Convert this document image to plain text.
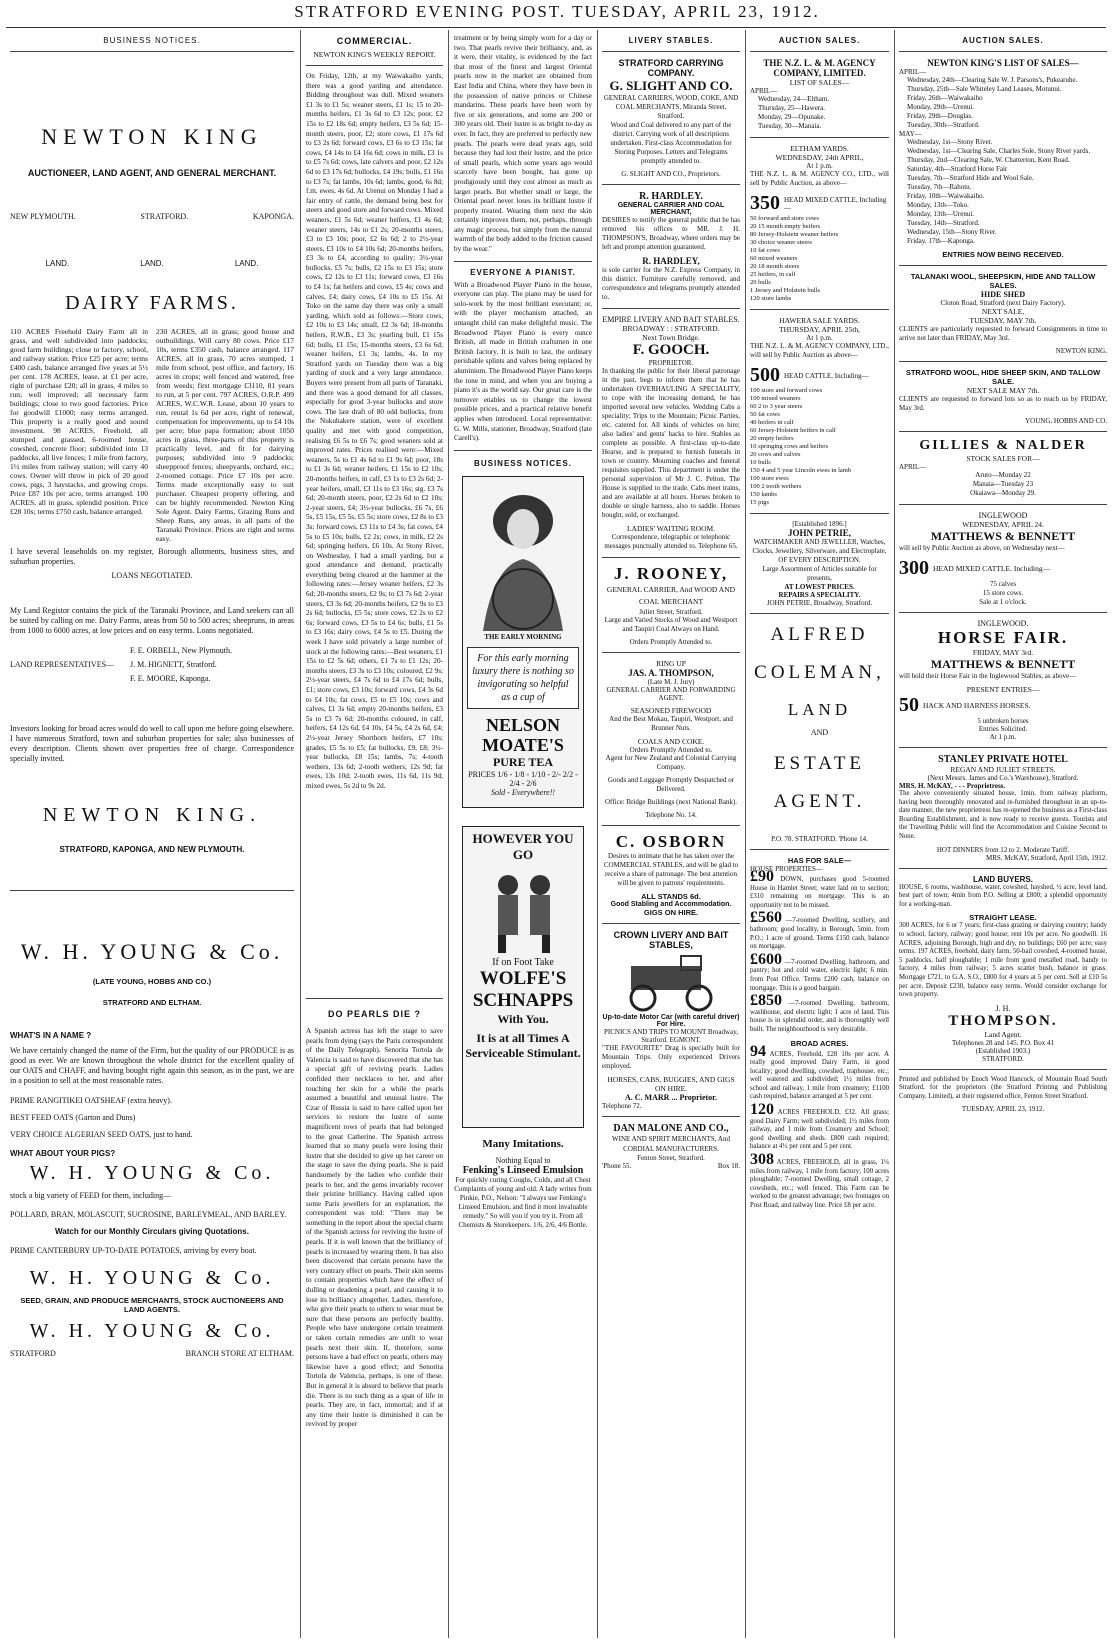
STRATFORD EVENING POST. TUESDAY, APRIL 23, 1912.
BUSINESS NOTICES.
NEWTON KING
AUCTIONEER, LAND AGENT, AND GENERAL MERCHANT.
NEW PLYMOUTH.	STRATFORD.	KAPONGA.
LAND.	LAND.	LAND.
DAIRY FARMS.
110 ACRES Freehold Dairy Farm all in grass, and well subdivided into paddocks; good farm buildings; close to factory, school, and railway station. Price £25 per acre; terms £400 cash, balance arranged five years at 5½ per cent. 178 ACRES, lease, at £1 per acre, right of purchase £20; all in grass, 4 miles to run; well improved; all necessary farm buildings; close to two good factories. Price for goodwill £1000; easy terms arranged. This property is a really good and sound investment. 98 ACRES, Freehold, all stumped and grassed, 6-roomed house, cowshed, concrete floor; subdivided into 13 paddocks, all live fences; 1 mile from factory, 1½ miles from railway station; will carry 40 cows. Owner will throw in pick of 20 good cows, pigs, 3 haystacks, and growing crops. Price £87 10s per acre, terms arranged. 100 ACRES, all in grass, splendid position. Price £28 10s; terms £750 cash, balance arranged.
230 ACRES, all in grass; good house and outbuildings. Will carry 80 cows. Price £17 10s, terms £350 cash, balance arranged. 117 ACRES, all in grass, 70 acres stumped, 1 mile from school, post office, and factory, 16 acres in crops; well fenced and watered, free from weeds; first mortgage £3110, 81 years to run, at 5 per cent. 797 ACRES, O.R.P. 499 ACRES, W.C.W.R. Lease, about 10 years to run, rental 1s 6d per acre, right of renewal, compensation for improvements, up to £4 10s per acre; blue papa formation; about 1050 acres in grass, three-parts of this property is practically level, and fit for dairying purposes; subdivided into 9 paddocks; sheepproof fences; sheepyards, orchard, etc.; 2-roomed cottage. Price £7 10s per acre. Terms made exceptionally easy to suit purchaser. Cheapest property offering, and can be highly recommended. Newton King Sole Agent. Dairy Farms, Grazing Runs and Sheep Runs, any areas, in all parts of the Taranaki Province. Prices are right and terms easy.
I have several leaseholds on my register, Borough allotments, business sites, and suburban properties.
LOANS NEGOTIATED.
My Land Registor contains the pick of the Taranaki Province, and Land seekers can all be suited by calling on me. Dairy Farms, areas from 50 to 500 acres; sheepruns, in areas from 1000 to 6000 acres, at low prices and on easy terms. Loans negotiated.
LAND REPRESENTATIVES—
F. E. ORBELL, New Plymouth.
J. M. HIGNETT, Stratford.
F. E. MOORE, Kaponga.
Investors looking for broad acres would do well to call upon me before going elsewhere. I have numerous Stratford, town and suburban properties for sale; also businesses of every description. Clients shown over properties free of charge. Correspondence specially invited.
NEWTON KING.
STRATFORD, KAPONGA, AND NEW PLYMOUTH.
W. H. YOUNG & Co.
(LATE YOUNG, HOBBS AND CO.)
STRATFORD AND ELTHAM.
WHAT'S IN A NAME ?
We have certainly changed the name of the Firm, but the quality of our PRODUCE is as good as ever. We are known throughout the whole district for the excellent quality of our OATS and CHAFF, and having bought right again this season, as in the past, we are in a position to sell at the most reasonable rates.
PRIME RANGITIKEI OATSHEAF (extra heavy).
BEST FEED OATS (Garton and Duns)
VERY CHOICE ALGERIAN SEED OATS, just to hand.
WHAT ABOUT YOUR PIGS?
W. H. YOUNG & Co.
stock a big variety of FEED for them, including—
POLLARD, BRAN, MOLASCUIT, SUCROSINE, BARLEYMEAL, AND BARLEY.
Watch for our Monthly Circulars giving Quotations.
PRIME CANTERBURY UP-TO-DATE POTATOES, arriving by every boat.
W. H. YOUNG & Co.
SEED, GRAIN, AND PRODUCE MERCHANTS, STOCK AUCTIONEERS AND LAND AGENTS.
W. H. YOUNG & Co.
STRATFORD	BRANCH STORE AT ELTHAM.
COMMERCIAL.
NEWTON KING'S WEEKLY REPORT.
On Friday, 12th, at my Waiwakaiho yards, there was a good yarding and attendance. Bidding throughout was dull. Mixed weaners £1 3s to £1 5s; weaner steers, £1 1s; 15 to 20-months heifers, £1 3s 6d to £3 12s; poor, £2 15s to £2 18s 6d; empty heifers, £3 5s 6d; 15-month steers, poor, £2; store cows, £1 17s 6d to £3 2s 6d; forward cows, £3 6s to £3 15s; fat cows, £4 14s to £4 16s 6d; cows in milk, £3 1s to £5 7s 6d; cows, late calvers and poor, £2 12s 6d to £3 17s 6d; bullocks, £4 19s; bulls, £1 16s to £3 7s; fat lambs, 10s 6d; lambs, good, 6s 8d; f.m. ewes, 4s 6d. At Urenui on Monday I had a fair entry of cattle, the demand being best for steers and good store and forward cows. Mixed weaners, £1 5s 6d; weaner heifers, £1 4s 6d; weaner steers, 14s to £1 2s; 20-months steers, £3 to £3 10s; poor, £2 6s 6d; 2 to 2½-year steers, £3 10s to £4 10s 6d; 20-months heifers, £3 3s to £4, according to quality; 3½-year bullocks, £5 7s; bulls, £2 15s to £3 15s; store cows, £2 12s to £3 11s; forward cows, £3 16s to £4 1s; fat heifers and cows, £5 4s; cows and calves, £4; dairy cows, £4 10s to £5 15s. At Toko on the same day there was only a small yarding, which sold as follows:—Store cows, £2 10s to £3 14s; small, £2 3s 6d; 18-months heifers, R.W.B., £3 3s; yearling bull, £1 15s 6d; bulls, £1 15s; 15-months steers, £3 6s 6d; weaner heifers, £1 3s; lambs, 4s. In my Stratford yards on Tuesday there was a big yarding of stock and a very large attendance. Buyers were present from all parts of Taranaki, and there was a good demand for all classes, especially for good 3-year bullocks and store cows. The last draft of 80 odd bullocks, from the Nukuhakere station, were of excellent quality and met with good competition, realising £6 5s to £6 7s; good weaners sold at improved rates. Prices realised were:—Mixed weaners, 5s to £1 4s 6d to £1 9s 6d; poor, 18s to £1 3s 6d; weaner heifers, £1 15s to £2 10s; 20-months heifers, in calf, £3 1s to £3 2s 6d; 2-year heifers, small, £3 11s to £3 16s; stg. £3 7s 6d; 20-month steers, poor, £2 2s 6d to £2 10s; 2-year steers, £4; 3½-year bullocks, £6 7s, £6 5s, £5 15s, £5 5s, £5 5s; store cows, £2 8s to £3 3s; forward cows, £3 11s to £4 3s; fat cows, £4 5s to £5 10s; bulls, £2 2s; cows, in milk, £2 2s 6d; springing heifers, £6 10s. At Stony River, on Wednesday, I had a small yarding, but a good attendance and demand, practically everything being cleared at the hammer at the following rates:—Jersey weaner heifers, £2 3s 6d; 20-months steers, £2 9s; to £3 7s 6d; 2-year steers, £3 3s 6d; 20-months heifers, £2 9s to £3 2s 6d; bullocks, £5 5s; store cows, £2 2s to £2 6s; forward cows, £3 5s to £4 6s; bulls, £1 5s to £3 16s; dairy cows, £4 5s to £5. During the week I have sold privately a large number of stock at the following rates:—Best weaners, £1 15s to £2 5s 6d; others, £1 7s to £1 12s; 20-months steers, £3 3s to £3 10s; coloured, £2 9s; 2½-year steers, £4 7s 6d to £4 17s 6d; bulls, £1; store cows, £3 10s; forward cows, £4 3s 6d to £4 10s; fat cows, £5 to £5 10s; cows and calves, £1 3s 6d; empty 20-months heifers, £3 5s to £3 7s 6d; 20-months coloured, in calf, heifers, £4 12s 6d, £4 10s, £4 5s, £4 2s 6d, £4; 2½-year Jersey Shorthorn heifers, £7 10s; grades, £5 5s to £5; fat bullocks, £9, £8; 3½-year bullocks, £8 15s; lambs, 7s; 4-tooth wethers, 13s 6d; 2-tooth wethers, 12s 9d; fat ewes, 13s 10d; 2-tooth ewes, 11s 6d, 11s 9d; mixed ewes, 5s 2d to 9s 2d.
DO PEARLS DIE ?
A Spanish actress has left the stage to save pearls from dying (says the Paris correspondent of the Daily Telegraph). Senorita Tortola de Valencia is said to have discovered that she has a special gift of reviving pearls. Ladies confided their necklaces to her, and after touching her skin for a while the pearls assumed a beautiful and unusual lustre. The Czar of Russia is said to have called upon her services to restore the lustre of some magnificent rows of pearls that had belonged to the great Catherine. The Spanish actress learned that so many pearls were losing their lustre that she decided to give up her career on the stage to save the dying pearls. She is paid handsomely by the ladies who confide their pearls to her, and the gems invariably recover their pristine brilliancy. Having called upon some Paris jewellers for an explanation, the correspondent was told: "There may be something in the report about the special charm of the Spanish actress for reviving the lustre of pearls. If it is well known that the brilliancy of pearls is increased by wearing them. It has also been discovered that certain persons have the very contrary effect on pearls. Their skin seems to contain properties which have the effect of dulling or deadening a pearl, and causing it to lose its brilliancy altogether. Ladies, therefore, who give their pearls to others to wear must be sure that these persons are perfectly healthy. People who have undergone certain treatment or taken certain remedies are unfit to wear pearls next their skin. If, therefore, some persons have a bad effect on pearls, others may likewise have a good effect; and Senorita Tortola de Valencia, perhaps, is one of these. But in general it is absurd to believe that pearls die. There is no such thing as a span of life in pearls. They are, in fact, immortal; and if at any time their lustre is diminished it can be revived by proper
treatment or by being simply worn for a day or two. That pearls revive their brilliancy, and, as it were, their vitality, is evidenced by the fact that most of the finest and largest Oriental pearls now in the market are obtained from East India and China, where they have been in the possession of native princes or Chinese mandarins. These pearls have been worn by five or six generations, and some are 200 or 300 years old. Their lustre is as bright to-day as ever. In fact, they are preferred to perfectly new pearls. The pearls were dead years ago, sold because they had lost their lustre, and the price of small pearls, which some years ago would scarcely have been bought, has gone up prodigiously until they cost almost as much as larger pearls. But whether small or large, the Oriental pearl never loses its brilliant lustre if properly treated. Wearing them next the skin certainly improves them, not, perhaps, through any magic process, but simply from the natural warmth of the body added to the friction caused by the wear."
EVERYONE A PIANIST.
With a Broadwood Player Piano in the house, everyone can play. The piano may be used for solo-work by the most brilliant executant; or, with the player mechanism attached, an untaught child can make delightful music. The Broadwood Player Piano is every ounce British, all made in British craftsmen in one British factory. It is built to last, the ordinary perishable splints and valves being replaced by aluminium. The Broadwood Player Piano keeps the tone in mind, and when you are buying a piano it's as the world say. Our great care is the turnover enables us to change the lowest possible prices, and a practical relative benefit applies when introduced. Local representative: G. W. Mills, stationer, Broadway, Stratford (late Carell's).
BUSINESS NOTICES.
THE EARLY MORNING
For this early morning luxury there is nothing so invigorating so helpful as a cup of
NELSON MOATE'S
PURE TEA
PRICES 1/6 - 1/8 - 1/10 - 2/- 2/2 - 2/4 - 2/6
Sold - Everywhere!!
HOWEVER YOU GO
If on Foot Take
WOLFE'S SCHNAPPS
With You.
It is at all Times A Serviceable Stimulant.
Many Imitations.
Nothing Equal to
Fenking's Linseed Emulsion
For quickly curing Coughs, Colds, and all Chest Complaints of young and old. A lady writes from Pinkie, P.O., Nelson: "I always use Fenking's Linseed Emulsion, and find it most invaluable remedy." So will you if you try it. From all Chemists & Storekeepers. 1/6, 2/6, 4/6 Bottle.
LIVERY STABLES.
STRATFORD CARRYING COMPANY.
G. SLIGHT AND CO.
GENERAL CARRIERS, WOOD, COKE, AND COAL MERCHANTS, Miranda Street, Stratford.
Wood and Coal delivered to any part of the district. Carrying work of all descriptions undertaken. First-class Accommodation for Storing Purposes. Letters and Telegrams promptly attended to.
G. SLIGHT AND CO., Proprietors.
R. HARDLEY.
GENERAL CARRIER AND COAL MERCHANT,
DESIRES to notify the general public that he has removed his offices to MR. J. H. THOMPSON'S, Broadway, where orders may be left and prompt attention guaranteed.
R. HARDLEY,
is sole carrier for the N.Z. Express Company, in this district. Furniture carefully removed, and correspondence and telegrams promptly attended to.
EMPIRE LIVERY AND BAIT STABLES.
BROADWAY : : STRATFORD.
Next Town Bridge.
F. GOOCH.
PROPRIETOR.
In thanking the public for their liberal patronage in the past, begs to inform them that he has undertaken OVERHAULING A SPECIALITY, to cope with the increasing demand, he has imported several new vehicles. Wedding Cabs a speciality; Trips to the Mountain; Picnic Parties, etc. catered for. All kinds of vehicles on hire; also ladies' and gents' hacks to hire. Stables as complete as possible. A first-class up-to-date Hearse, and is prepared to furnish funerals in town or country. Mourning coaches and funeral requisites supplied. This department is under the personal supervision of Mr J. C. Pelton. The House is supplied to the trade. Cabs meet trains, and are available at all hours. Horses broken to double or single harness, also to saddle. Horses bought, sold, or exchanged.
LADIES' WAITING ROOM.
Correspondence, telegraphic or telephonic messages punctually attended to. Telephone 65.
J. ROONEY,
GENERAL CARRIER, And WOOD AND COAL MERCHANT
Juliet Street, Stratford.
Large and Varied Stocks of Wood and Westport and Taupiri Coal Always on Hand.
Orders Promptly Attended to.
RING UP
JAS. A. THOMPSON,
(Late M. J. Jury)
GENERAL CARRIER AND FORWARDING AGENT.
SEASONED FIREWOOD
And the Best Mokau, Taupiri, Westport, and Brunner Nuts.
COALS AND COKE.
Orders Promptly Attended to.
Agent for New Zealand and Colonial Carrying Company.
Goods and Luggage Promptly Despatched or Delivered.
Office: Bridge Buildings (next National Bank).
Telephone No. 14.
C. OSBORN
Desires to intimate that he has taken over the COMMERCIAL STABLES, and will be glad to receive a share of patronage. The best attention will be given to patrons' requirements.
ALL STANDS 6d.
Good Stabling and Accommodation.
GIGS ON HIRE.
CROWN LIVERY AND BAIT STABLES,
Up-to-date Motor Car (with careful driver) For Hire.
PICNICS AND TRIPS TO MOUNT Broadway, Stratford. EGMONT.
"THE FAVOURITE" Drag is specially built for Mountain Trips. Only experienced Drivers employed.
HORSES, CABS, BUGGIES, AND GIGS ON HIRE.
A. C. MARR ... Proprietor.
Telephone 72.
DAN MALONE AND CO.,
WINE AND SPIRIT MERCHANTS, And CORDIAL MANUFACTURERS.
Fenton Street, Stratford.
'Phone 55.	Box 18.
AUCTION SALES.
THE N.Z. L. & M. AGENCY COMPANY, LIMITED.
LIST OF SALES—
APRIL—
Wednesday, 24—Eltham.
Thursday, 25—Hawera.
Monday, 29—Opunake.
Tuesday, 30—Manaia.
ELTHAM YARDS.
WEDNESDAY, 24th APRIL,
At 1 p.m.
THE N.Z. L. & M. AGENCY CO., LTD., will sell by Public Auction, as above—
350 HEAD MIXED CATTLE, Including—
50 forward and store cows
20 15 month empty heifers
80 Jersey-Holstein weaner heifers
30 choice weaner steers
10 fat cows
60 mixed weaners
20 18 month steers
25 heifers, in calf
20 bulls
1 Jersey and Holstein bulls
120 store lambs
HAWERA SALE YARDS.
THURSDAY, APRIL 25th,
At 1 p.m.
THE N.Z. L. & M. AGENCY COMPANY, LTD., will sell by Public Auction as above—
500 HEAD CATTLE, Including—
100 store and forward cows
100 mixed weaners
60 2 to 3 year steers
50 fat cows
40 heifers in calf
60 Jersey-Holstein heifers in calf
20 empty heifers
10 springing cows and heifers
20 cows and calves
10 bulls
150 4 and 5 year Lincoln ewes in lamb
100 store ewes
100 2 tooth wethers
150 lambs
15 pigs
[Established 1896.]
JOHN PETRIE,
WATCHMAKER AND JEWELLER, Watches, Clocks, Jewellery, Silverware, and Electroplate, OF EVERY DESCRIPTION.
Large Assortment of Articles suitable for presents,
AT LOWEST PRICES.
REPAIRS A SPECIALITY.
JOHN PETRIE, Broadway, Stratford.
ALFRED
COLEMAN,
LAND
AND
ESTATE
AGENT.
P.O. 78. STRATFORD. 'Phone 14.
HAS FOR SALE—
HOUSE PROPERTIES—
£90 DOWN, purchases good 5-roomed House in Hamlet Street; water laid on to section; £310 remaining on mortgage. This is an opportunity not to be missed.
£560 —7-roomed Dwelling, scullery, and bathroom; good locality, in Borough, 5min. from P.O.; 1 acre of ground. Terms £150 cash, balance on mortgage.
£600 —7-roomed Dwelling, bathroom, and pantry; hot and cold water, electric light; 6 min. from Post Office. Terms £200 cash, balance on mortgage. This is a good bargain.
£850 —7-roomed Dwelling, bathroom, washhouse, and electric light; 1 acre of land. This house is in splendid order, and is thoroughly well built. The neighbourhood is very desirable.
BROAD ACRES.
94 ACRES, Freehold, £28 10s per acre. A really good improved Dairy Farm, in good locality; good dwelling, cowshed, traphouse, etc.; well watered and subdivided; 1½ miles from school and railway, 1 mile from creamery; £1100 cash required, balance arranged at 5 per cent.
120 ACRES FREEHOLD, £32. All grass; good Dairy Farm; well subdivided; 1½ miles from railway, and 1 mile from Creamery and School; good dwelling and sheds. £800 cash required; balance at 4½ per cent and 5 per cent.
308 ACRES, FREEHOLD, all in grass, 1¼ miles from railway, 1 mile from factory; 100 acres ploughable; 7-roomed Dwelling, small cottage, 2 cowsheds, etc.; well fenced. This Farm can be worked to the greatest advantage; two frontages on Post Road, and railway line. Price £8 per acre.
AUCTION SALES.
NEWTON KING'S LIST OF SALES—
APRIL—
Wednesday, 24th—Clearing Sale W. J. Parsons's, Pukearuhe.
Thursday, 25th—Sale Whiteley Land Leases, Motunui.
Friday, 26th—Waiwakaiho
Monday, 29th—Urenui.
Friday, 29th—Douglas.
Tuesday, 30th—Stratford.
MAY—
Wednesday, 1st—Stony River.
Wednesday, 1st—Clearing Sale, Charles Sole, Stony River yards.
Thursday, 2nd—Clearing Sale, W. Chatterton, Kent Road.
Saturday, 4th—Stratford Horse Fair
Tuesday, 7th—Stratford Hide and Wool Sale.
Tuesday, 7th—Rahotu.
Friday, 10th—Waiwakaiho.
Monday, 13th—Toko.
Monday, 13th—Urenui.
Tuesday, 14th—Stratford.
Wednesday, 15th—Stony River.
Friday, 17th—Kaponga.
ENTRIES NOW BEING RECEIVED.
TALANAKI WOOL, SHEEPSKIN, HIDE AND TALLOW SALES.
HIDE SHED
Cloton Road, Stratford (next Dairy Factory).
NEXT SALE,
TUESDAY, MAY 7th.
CLIENTS are particularly requested to forward Consignments in time to arrive not later than FRIDAY, May 3rd.
NEWTON KING.
STRATFORD WOOL, HIDE SHEEP SKIN, AND TALLOW SALE.
NEXT SALE MAY 7th.
CLIENTS are requested to forward lots so as to reach us by FRIDAY, May 3rd.
YOUNG, HOBBS AND CO.
GILLIES & NALDER
STOCK SALES FOR—
APRIL—
Aruto—Monday 22
Manaia—Tuesday 23
Okaiawa—Monday 29.
INGLEWOOD
WEDNESDAY, APRIL 24.
MATTHEWS & BENNETT
will sell by Public Auction as above, on Wednesday next—
300 HEAD MIXED CATTLE. Including—
75 calves
15 store cows.
Sale at 1 o'clock.
INGLEWOOD.
HORSE FAIR.
FRIDAY, MAY 3rd.
MATTHEWS & BENNETT
will hold their Horse Fair in the Inglewood Stables, as above—
PRESENT ENTRIES—
50 HACK AND HARNESS HORSES.
5 unbroken horses
Entries Solicited.
At 1 p.m.
STANLEY PRIVATE HOTEL
REGAN AND JULIET STREETS.
(Next Messrs. James and Co.'s Warehouse), Stratford.
MRS. H. McKAY, - - - Proprietress.
The above conveniently situated house, 1min. from railway platform, having been thoroughly renovated and re-furnished throughout in an up-to-date manner, the new proprietress has re-opened the business as a First-class Boarding Establishment, and is now ready to receive guests. Tourists and the Travelling Public will find the Accommodation and Cuisine Second to None.
HOT DINNERS from 12 to 2. Moderate Tariff.
MRS. McKAY, Stratford, April 15th, 1912.
LAND BUYERS.
HOUSE, 6 rooms, washhouse, water, cowshed, hayshed, ½ acre, level land, best part of town; 4min from P.O. Selling at £800; a splendid opportunity for a working-man.
STRAIGHT LEASE.
300 ACRES, for 6 or 7 years; first-class grazing or dairying country; handy to school, factory, railway; good house; rent 10s per acre. No goodwill. 16 ACRES, adjoining Borough, high and dry, no buildings; £60 per acre; easy terms. 197 ACRES, freehold, dairy farm, 50-bail cowshed, 4-roomed house, 5 paddocks, half ploughable; 1 mile from good metalled road, handy to factory, 4 miles from railway; 5 acres scatter bush, balance in grass. Mortgage £721, to G.A. S.O., £800 for 4 years at 5 per cent. Sell at £10 5s per acre. Deposit £230, balance easy terms. Would consider exchange for town property.
J. H.
THOMPSON.
Land Agent.
Telephones 28 and 145. P.O. Box 41
(Established 1903.)
STRATFORD.
Printed and published by Enoch Wood Hancock, of Mountain Road South Stratford, for the proprietors (the Stratford Printing and Publishing Company, Limited), at their registered office, Fenton Street Stratford.
TUESDAY, APRIL 23, 1912.
